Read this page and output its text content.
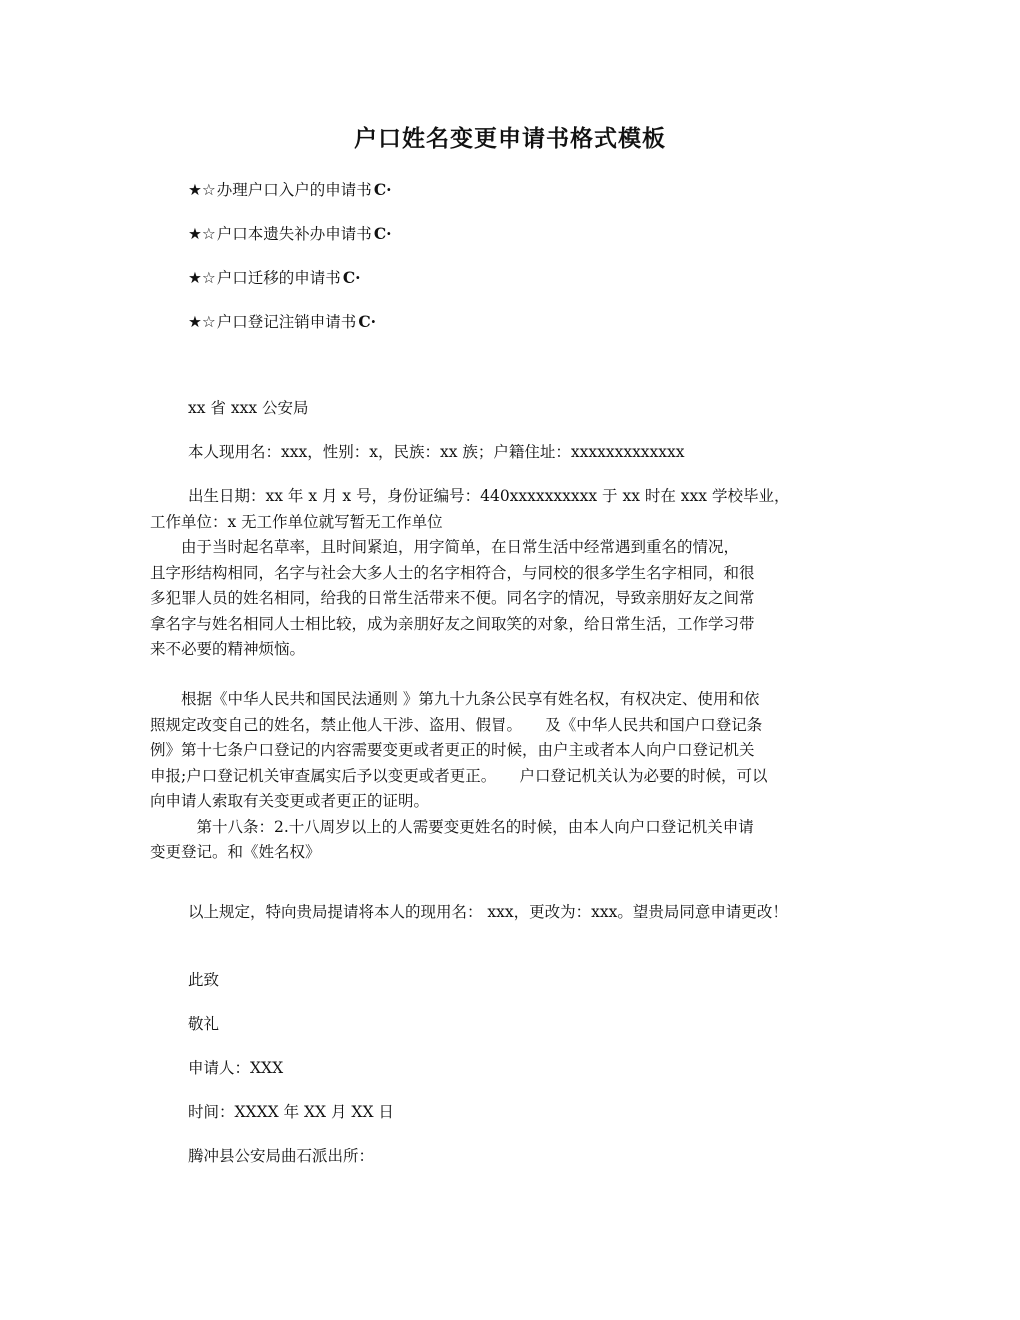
户口姓名变更申请书格式模板
★☆办理户口入户的申请书 C·
★☆户口本遗失补办申请书 C·
★☆户口迁移的申请书 C·
★☆户口登记注销申请书 C·
xx 省 xxx 公安局
本人现用名：xxx，性别：x，民族：xx 族；户籍住址：xxxxxxxxxxxxx
出生日期：xx 年 x 月 x 号，身份证编号：440xxxxxxxxxx 于 xx 时在 xxx 学校毕业，
工作单位：x 无工作单位就写暂无工作单位
　　由于当时起名草率，且时间紧迫，用字简单，在日常生活中经常遇到重名的情况，
且字形结构相同，名字与社会大多人士的名字相符合，与同校的很多学生名字相同，和很
多犯罪人员的姓名相同，给我的日常生活带来不便。同名字的情况，导致亲朋好友之间常
拿名字与姓名相同人士相比较，成为亲朋好友之间取笑的对象，给日常生活，工作学习带
来不必要的精神烦恼。
　　根据《中华人民共和国民法通则 》第九十九条公民享有姓名权，有权决定、使用和依
照规定改变自己的姓名，禁止他人干涉、盗用、假冒。　　及《中华人民共和国户口登记条
例》第十七条户口登记的内容需要变更或者更正的时候，由户主或者本人向户口登记机关
申报;户口登记机关审查属实后予以变更或者更正。　　户口登记机关认为必要的时候，可以
向申请人索取有关变更或者更正的证明。
　　　第十八条：2.十八周岁以上的人需要变更姓名的时候，由本人向户口登记机关申请
变更登记。和《姓名权》
以上规定，特向贵局提请将本人的现用名： xxx，更改为：xxx。望贵局同意申请更改！
此致
敬礼
申请人：XXX
时间：XXXX 年 XX 月 XX 日
腾冲县公安局曲石派出所：
